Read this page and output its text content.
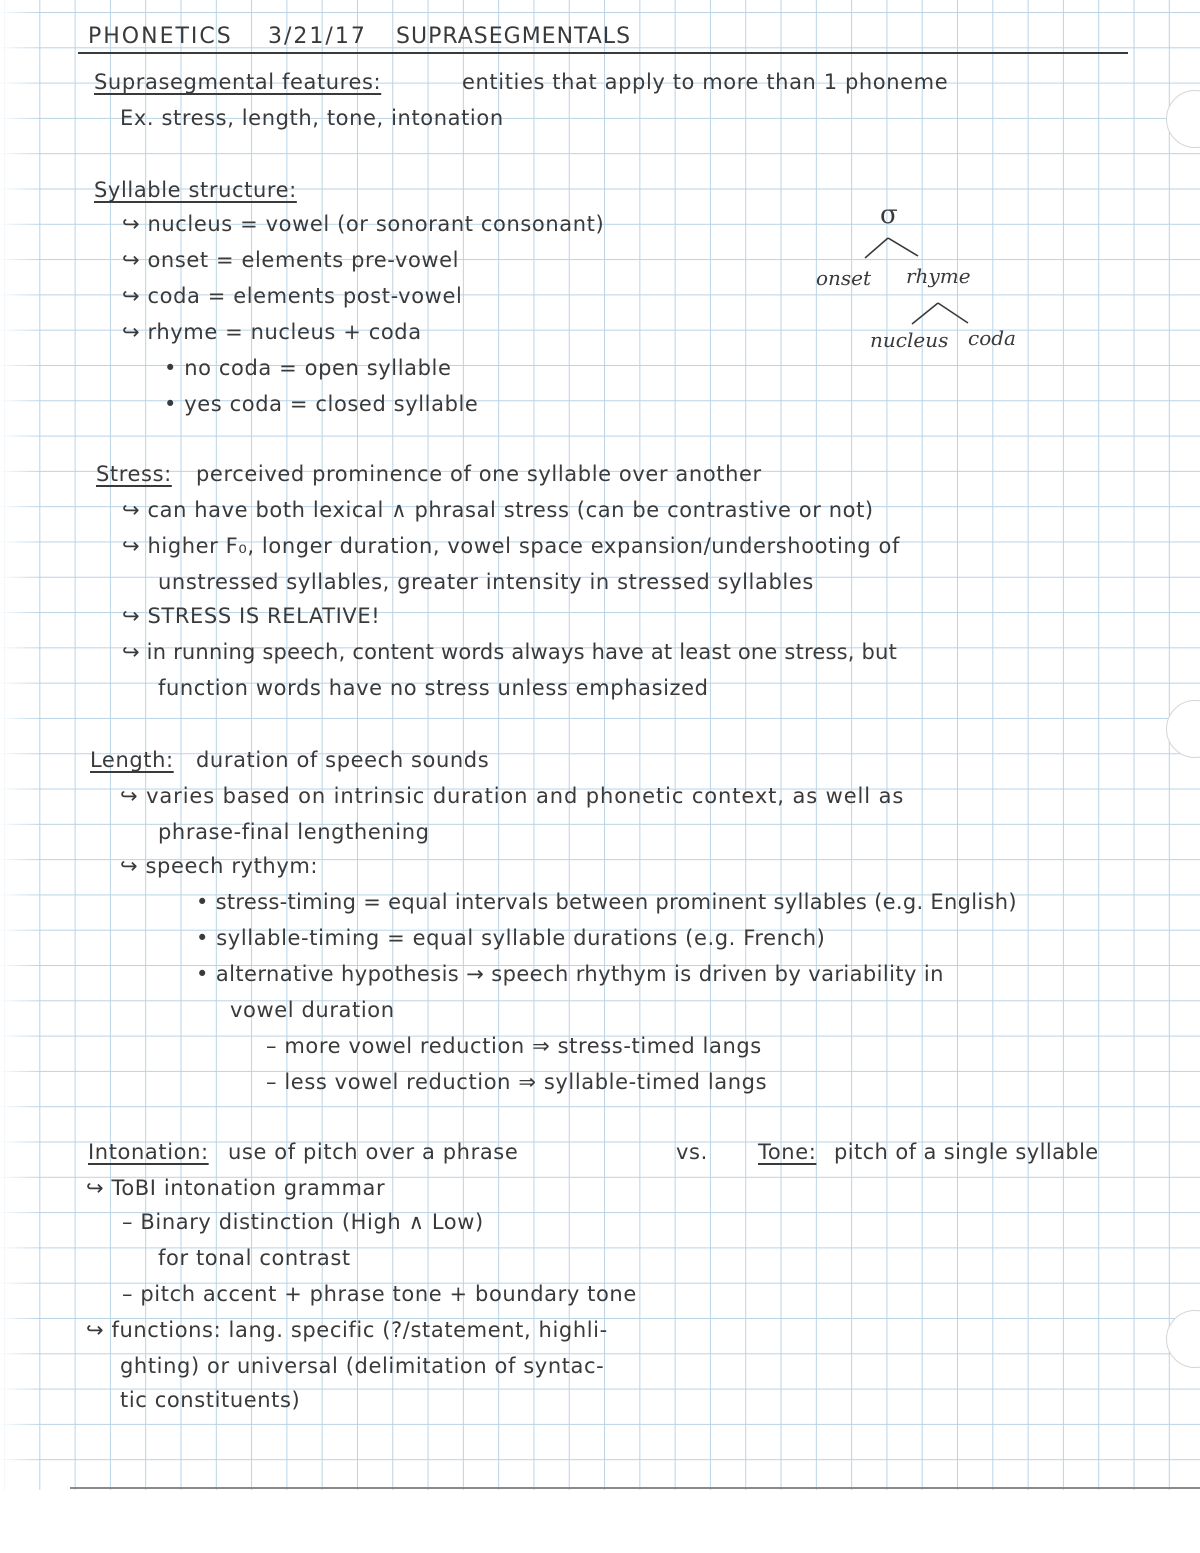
PHONETICS 3/21/17 SUPRASEGMENTALS
Suprasegmental features:	entities that apply to more than 1 phoneme
Ex. stress, length, tone, intonation
Syllable structure:
↪ nucleus = vowel (or sonorant consonant)
↪ onset = elements pre-vowel
↪ coda = elements post-vowel
↪ rhyme = nucleus + coda
• no coda = open syllable
• yes coda = closed syllable
σ
onset rhyme
nucleus coda
Stress: perceived prominence of one syllable over another
↪ can have both lexical ∧ phrasal stress (can be contrastive or not)
↪ higher F₀, longer duration, vowel space expansion/undershooting of
unstressed syllables, greater intensity in stressed syllables
↪ STRESS IS RELATIVE!
↪ in running speech, content words always have at least one stress, but
function words have no stress unless emphasized
Length: duration of speech sounds
↪ varies based on intrinsic duration and phonetic context, as well as
phrase-final lengthening
↪ speech rythym:
• stress-timing = equal intervals between prominent syllables (e.g. English)
• syllable-timing = equal syllable durations (e.g. French)
• alternative hypothesis → speech rhythym is driven by variability in
vowel duration
– more vowel reduction ⇒ stress-timed langs
– less vowel reduction ⇒ syllable-timed langs
Intonation: use of pitch over a phrase	vs. Tone: pitch of a single syllable
↪ ToBI intonation grammar
– Binary distinction (High ∧ Low)
for tonal contrast
– pitch accent + phrase tone + boundary tone
↪ functions: lang. specific (?/statement, highli-
ghting) or universal (delimitation of syntac-
tic constituents)
